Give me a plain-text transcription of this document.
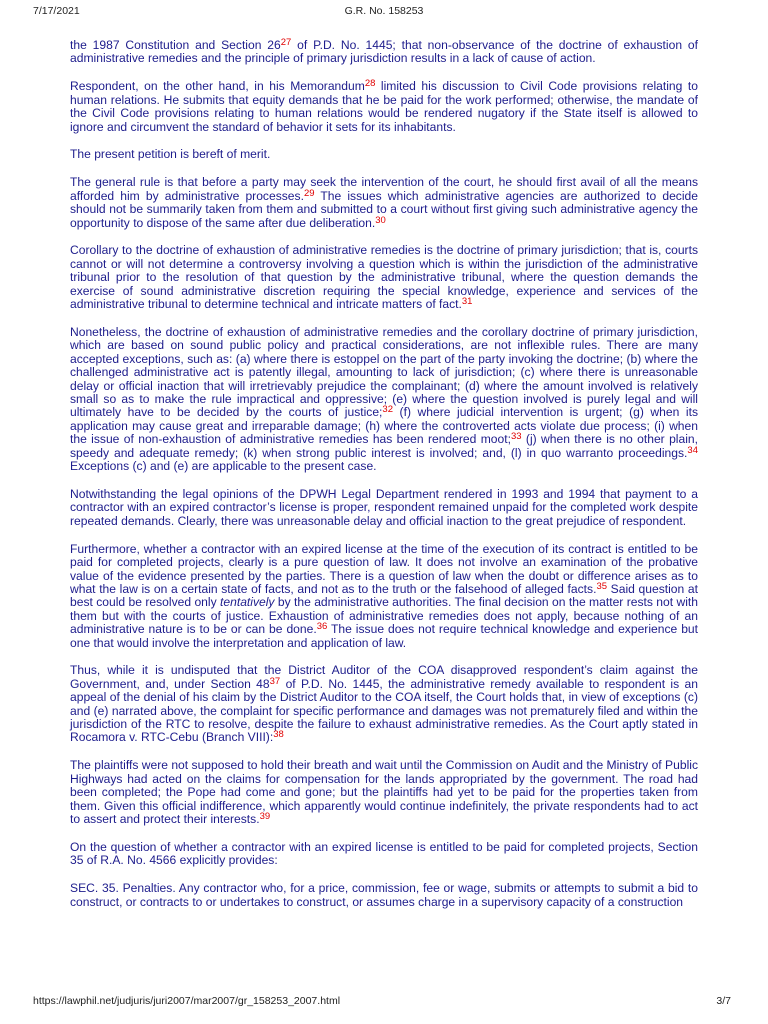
7/17/2021	G.R. No. 158253

the 1987 Constitution and Section 26$^{27}$ of P.D. No. 1445; that non-observance of the doctrine of exhaustion of administrative remedies and the principle of primary jurisdiction results in a lack of cause of action.

Respondent, on the other hand, in his Memorandum$^{28}$ limited his discussion to Civil Code provisions relating to human relations. He submits that equity demands that he be paid for the work performed; otherwise, the mandate of the Civil Code provisions relating to human relations would be rendered nugatory if the State itself is allowed to ignore and circumvent the standard of behavior it sets for its inhabitants.

The present petition is bereft of merit.

The general rule is that before a party may seek the intervention of the court, he should first avail of all the means afforded him by administrative processes.$^{29}$ The issues which administrative agencies are authorized to decide should not be summarily taken from them and submitted to a court without first giving such administrative agency the opportunity to dispose of the same after due deliberation.$^{30}$

Corollary to the doctrine of exhaustion of administrative remedies is the doctrine of primary jurisdiction; that is, courts cannot or will not determine a controversy involving a question which is within the jurisdiction of the administrative tribunal prior to the resolution of that question by the administrative tribunal, where the question demands the exercise of sound administrative discretion requiring the special knowledge, experience and services of the administrative tribunal to determine technical and intricate matters of fact.$^{31}$

Nonetheless, the doctrine of exhaustion of administrative remedies and the corollary doctrine of primary jurisdiction, which are based on sound public policy and practical considerations, are not inflexible rules. There are many accepted exceptions, such as: (a) where there is estoppel on the part of the party invoking the doctrine; (b) where the challenged administrative act is patently illegal, amounting to lack of jurisdiction; (c) where there is unreasonable delay or official inaction that will irretrievably prejudice the complainant; (d) where the amount involved is relatively small so as to make the rule impractical and oppressive; (e) where the question involved is purely legal and will ultimately have to be decided by the courts of justice;$^{32}$ (f) where judicial intervention is urgent; (g) when its application may cause great and irreparable damage; (h) where the controverted acts violate due process; (i) when the issue of non-exhaustion of administrative remedies has been rendered moot;$^{33}$ (j) when there is no other plain, speedy and adequate remedy; (k) when strong public interest is involved; and, (l) in quo warranto proceedings.$^{34}$ Exceptions (c) and (e) are applicable to the present case.

Notwithstanding the legal opinions of the DPWH Legal Department rendered in 1993 and 1994 that payment to a contractor with an expired contractor’s license is proper, respondent remained unpaid for the completed work despite repeated demands. Clearly, there was unreasonable delay and official inaction to the great prejudice of respondent.

Furthermore, whether a contractor with an expired license at the time of the execution of its contract is entitled to be paid for completed projects, clearly is a pure question of law. It does not involve an examination of the probative value of the evidence presented by the parties. There is a question of law when the doubt or difference arises as to what the law is on a certain state of facts, and not as to the truth or the falsehood of alleged facts.$^{35}$ Said question at best could be resolved only tentatively by the administrative authorities. The final decision on the matter rests not with them but with the courts of justice. Exhaustion of administrative remedies does not apply, because nothing of an administrative nature is to be or can be done.$^{36}$ The issue does not require technical knowledge and experience but one that would involve the interpretation and application of law.

Thus, while it is undisputed that the District Auditor of the COA disapproved respondent’s claim against the Government, and, under Section 48$^{37}$ of P.D. No. 1445, the administrative remedy available to respondent is an appeal of the denial of his claim by the District Auditor to the COA itself, the Court holds that, in view of exceptions (c) and (e) narrated above, the complaint for specific performance and damages was not prematurely filed and within the jurisdiction of the RTC to resolve, despite the failure to exhaust administrative remedies. As the Court aptly stated in Rocamora v. RTC-Cebu (Branch VIII):$^{38}$

The plaintiffs were not supposed to hold their breath and wait until the Commission on Audit and the Ministry of Public Highways had acted on the claims for compensation for the lands appropriated by the government. The road had been completed; the Pope had come and gone; but the plaintiffs had yet to be paid for the properties taken from them. Given this official indifference, which apparently would continue indefinitely, the private respondents had to act to assert and protect their interests.$^{39}$

On the question of whether a contractor with an expired license is entitled to be paid for completed projects, Section 35 of R.A. No. 4566 explicitly provides:

SEC. 35. Penalties. Any contractor who, for a price, commission, fee or wage, submits or attempts to submit a bid to construct, or contracts to or undertakes to construct, or assumes charge in a supervisory capacity of a construction

https://lawphil.net/judjuris/juri2007/mar2007/gr_158253_2007.html	3/7
